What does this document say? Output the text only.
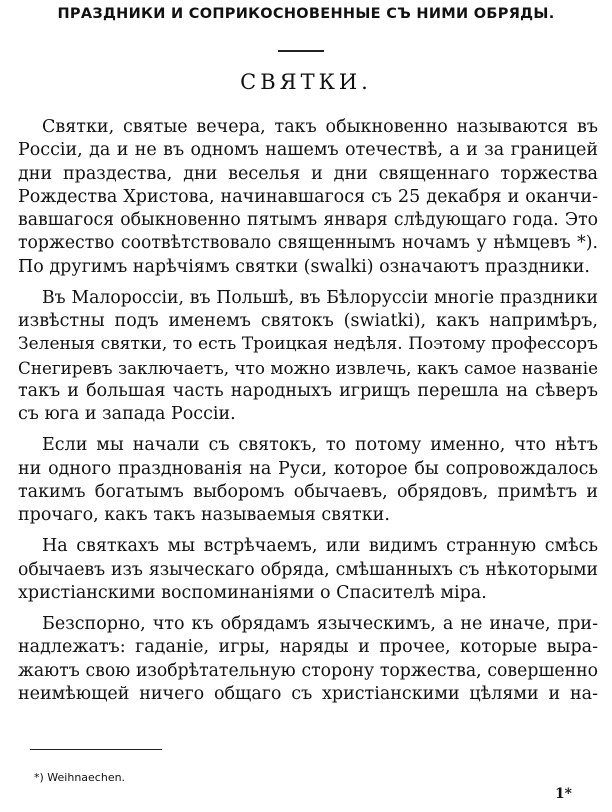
ПРАЗДНИКИ И СОПРИКОСНОВЕННЫЕ СЪ НИМИ ОБРЯДЫ.
СВЯТКИ.

Святки, святые вечера, такъ обыкновенно называются въ
Россіи, да и не въ одномъ нашемъ отечествѣ, а и за границей
дни праздества, дни веселья и дни священнаго торжества
Рождества Христова, начинавшагося съ 25 декабря и оканчи-
вавшагося обыкновенно пятымъ января слѣдующаго года. Это
торжество соотвѣтствовало священнымъ ночамъ у нѣмцевъ *).
По другимъ нарѣчіямъ святки (swalki) означаютъ праздники.

Въ Малороссіи, въ Польшѣ, въ Бѣлоруссіи многіе праздники
извѣстны подъ именемъ святокъ (swiatki), какъ напримѣръ,
Зеленыя святки, то есть Троицкая недѣля. Поэтому профессоръ
Снегиревъ заключаетъ, что можно извлечь, какъ самое названіе
такъ и большая часть народныхъ игрищъ перешла на сѣверъ
съ юга и запада Россіи.

Если мы начали съ святокъ, то потому именно, что нѣтъ
ни одного празднованія на Руси, которое бы сопровождалось
такимъ богатымъ выборомъ обычаевъ, обрядовъ, примѣтъ и
прочаго, какъ такъ называемыя святки.

На святкахъ мы встрѣчаемъ, или видимъ странную смѣсь
обычаевъ изъ языческаго обряда, смѣшанныхъ съ нѣкоторыми
христіанскими воспоминаніями о Спасителѣ міра.

Безспорно, что къ обрядамъ языческимъ, а не иначе, при-
надлежатъ: гаданіе, игры, наряды и прочее, которые выра-
жаютъ свою изобрѣтательную сторону торжества, совершенно
неимѣющей ничего общаго съ христіанскими цѣлями и на-

*) Weihnaechen.
1*
